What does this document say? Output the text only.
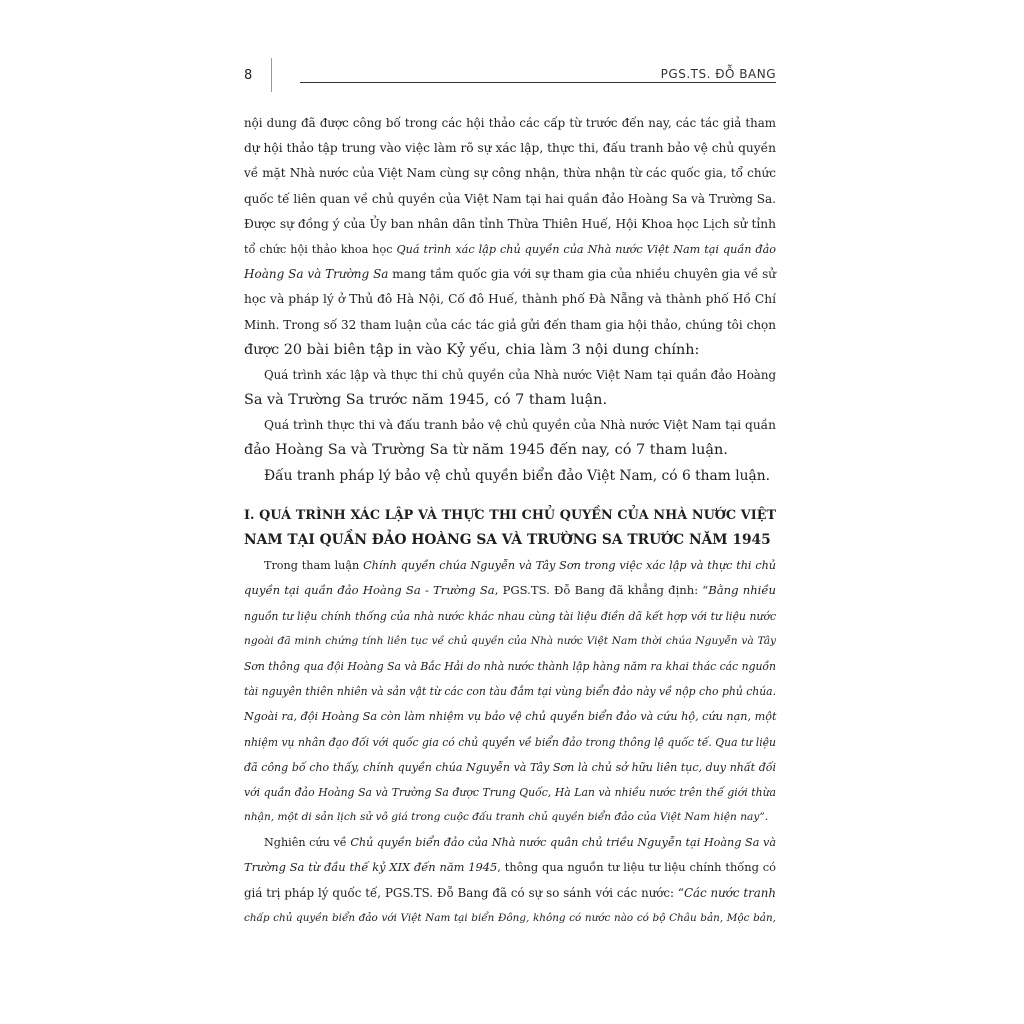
8	PGS.TS. ĐỖ BANG

nội dung đã được công bố trong các hội thảo các cấp từ trước đến nay, các tác giả tham
dự hội thảo tập trung vào việc làm rõ sự xác lập, thực thi, đấu tranh bảo vệ chủ quyền
về mặt Nhà nước của Việt Nam cùng sự công nhận, thừa nhận từ các quốc gia, tổ chức
quốc tế liên quan về chủ quyền của Việt Nam tại hai quần đảo Hoàng Sa và Trường Sa.
Được sự đồng ý của Ủy ban nhân dân tỉnh Thừa Thiên Huế, Hội Khoa học Lịch sử tỉnh
tổ chức hội thảo khoa học Quá trình xác lập chủ quyền của Nhà nước Việt Nam tại quần đảo
Hoàng Sa và Trường Sa mang tầm quốc gia với sự tham gia của nhiều chuyên gia về sử
học và pháp lý ở Thủ đô Hà Nội, Cố đô Huế, thành phố Đà Nẵng và thành phố Hồ Chí
Minh. Trong số 32 tham luận của các tác giả gửi đến tham gia hội thảo, chúng tôi chọn
được 20 bài biên tập in vào Kỷ yếu, chia làm 3 nội dung chính:

Quá trình xác lập và thực thi chủ quyền của Nhà nước Việt Nam tại quần đảo Hoàng
Sa và Trường Sa trước năm 1945, có 7 tham luận.

Quá trình thực thi và đấu tranh bảo vệ chủ quyền của Nhà nước Việt Nam tại quần
đảo Hoàng Sa và Trường Sa từ năm 1945 đến nay, có 7 tham luận.

Đấu tranh pháp lý bảo vệ chủ quyền biển đảo Việt Nam, có 6 tham luận.

I. QUÁ TRÌNH XÁC LẬP VÀ THỰC THI CHỦ QUYỀN CỦA NHÀ NƯỚC VIỆT
NAM TẠI QUẦN ĐẢO HOÀNG SA VÀ TRƯỜNG SA TRƯỚC NĂM 1945

Trong tham luận Chính quyền chúa Nguyễn và Tây Sơn trong việc xác lập và thực thi chủ
quyền tại quần đảo Hoàng Sa - Trường Sa, PGS.TS. Đỗ Bang đã khẳng định: “Bằng nhiều
nguồn tư liệu chính thống của nhà nước khác nhau cùng tài liệu điền dã kết hợp với tư liệu nước
ngoài đã minh chứng tính liên tục về chủ quyền của Nhà nước Việt Nam thời chúa Nguyễn và Tây
Sơn thông qua đội Hoàng Sa và Bắc Hải do nhà nước thành lập hàng năm ra khai thác các nguồn
tài nguyên thiên nhiên và sản vật từ các con tàu đắm tại vùng biển đảo này về nộp cho phủ chúa.
Ngoài ra, đội Hoàng Sa còn làm nhiệm vụ bảo vệ chủ quyền biển đảo và cứu hộ, cứu nạn, một
nhiệm vụ nhân đạo đối với quốc gia có chủ quyền về biển đảo trong thông lệ quốc tế. Qua tư liệu
đã công bố cho thấy, chính quyền chúa Nguyễn và Tây Sơn là chủ sở hữu liên tục, duy nhất đối
với quần đảo Hoàng Sa và Trường Sa được Trung Quốc, Hà Lan và nhiều nước trên thế giới thừa
nhận, một di sản lịch sử vô giá trong cuộc đấu tranh chủ quyền biển đảo của Việt Nam hiện nay”.

Nghiên cứu về Chủ quyền biển đảo của Nhà nước quân chủ triều Nguyễn tại Hoàng Sa và
Trường Sa từ đầu thế kỷ XIX đến năm 1945, thông qua nguồn tư liệu tư liệu chính thống có
giá trị pháp lý quốc tế, PGS.TS. Đỗ Bang đã có sự so sánh với các nước: “Các nước tranh
chấp chủ quyền biển đảo với Việt Nam tại biển Đông, không có nước nào có bộ Châu bản, Mộc bản,
